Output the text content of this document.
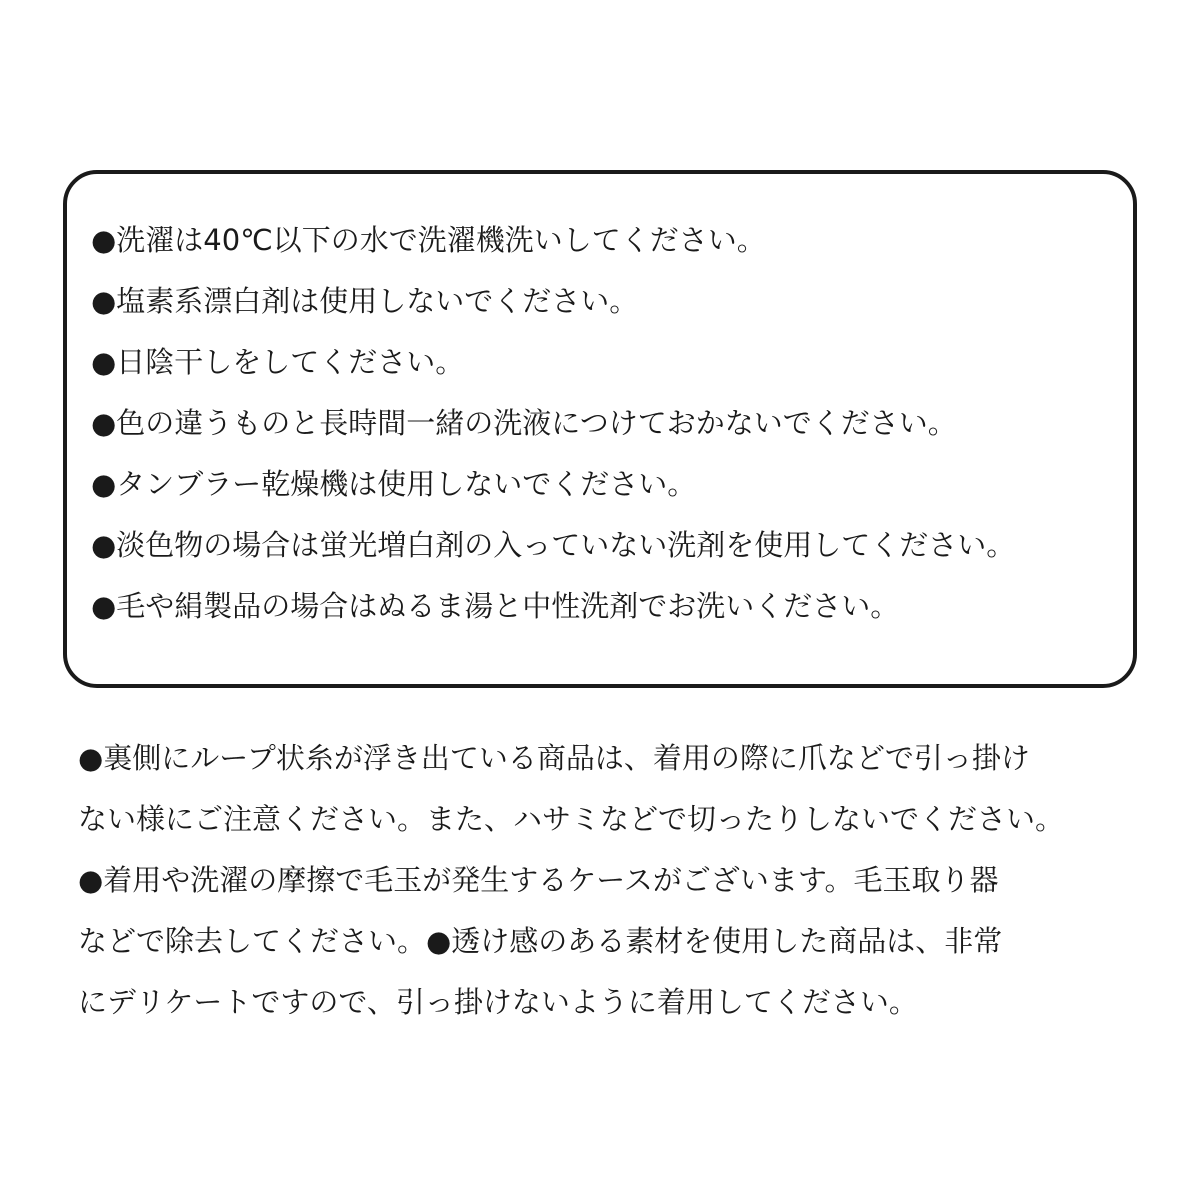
●洗濯は40℃以下の水で洗濯機洗いしてください。
●塩素系漂白剤は使用しないでください。
●日陰干しをしてください。
●色の違うものと長時間一緒の洗液につけておかないでください。
●タンブラー乾燥機は使用しないでください。
●淡色物の場合は蛍光増白剤の入っていない洗剤を使用してください。
●毛や絹製品の場合はぬるま湯と中性洗剤でお洗いください。
●裏側にループ状糸が浮き出ている商品は、着用の際に爪などで引っ掛け
ない様にご注意ください。また、ハサミなどで切ったりしないでください。
●着用や洗濯の摩擦で毛玉が発生するケースがございます。毛玉取り器
などで除去してください。●透け感のある素材を使用した商品は、非常
にデリケートですので、引っ掛けないように着用してください。
